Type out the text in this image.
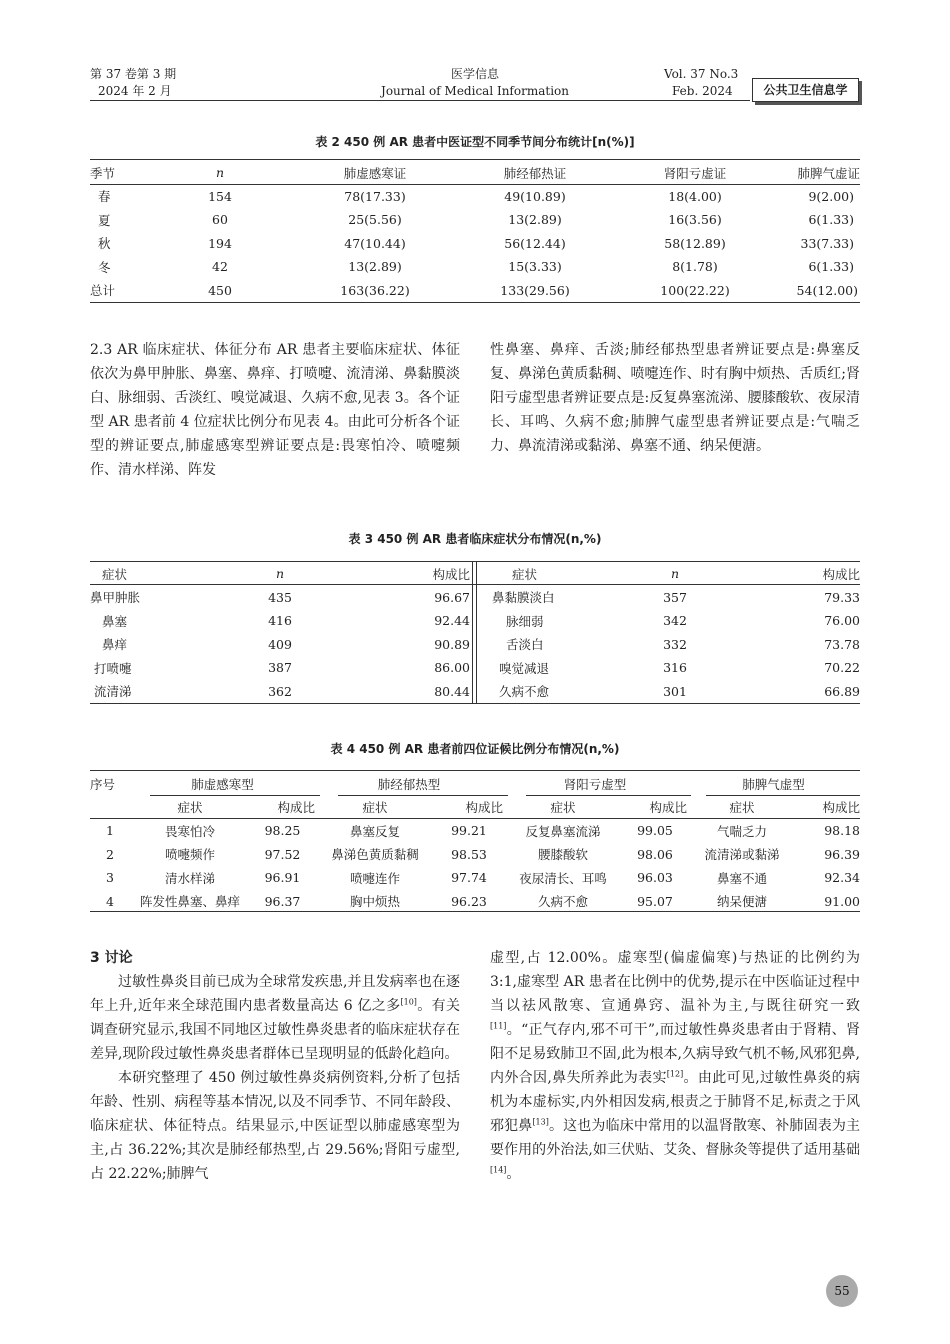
第 37 卷第 3 期
2024 年 2 月
医学信息
Journal of Medical Information
Vol. 37 No.3
Feb. 2024	公共卫生信息学
表 2 450 例 AR 患者中医证型不同季节间分布统计[n(%)]
季节	n	肺虚感寒证	肺经郁热证	肾阳亏虚证	肺脾气虚证
春	154	78(17.33)	49(10.89)	18(4.00)	9(2.00)
夏	60	25(5.56)	13(2.89)	16(3.56)	6(1.33)
秋	194	47(10.44)	56(12.44)	58(12.89)	33(7.33)
冬	42	13(2.89)	15(3.33)	8(1.78)	6(1.33)
总计	450	163(36.22)	133(29.56)	100(22.22)	54(12.00)

2.3 AR 临床症状、体征分布 AR 患者主要临床症状、体征依次为鼻甲肿胀、鼻塞、鼻痒、打喷嚏、流清涕、鼻黏膜淡白、脉细弱、舌淡红、嗅觉减退、久病不愈,见表 3。各个证型 AR 患者前 4 位症状比例分布见表 4。由此可分析各个证型的辨证要点,肺虚感寒型辨证要点是:畏寒怕冷、喷嚏频作、清水样涕、阵发

性鼻塞、鼻痒、舌淡;肺经郁热型患者辨证要点是:鼻塞反复、鼻涕色黄质黏稠、喷嚏连作、时有胸中烦热、舌质红;肾阳亏虚型患者辨证要点是:反复鼻塞流涕、腰膝酸软、夜尿清长、耳鸣、久病不愈;肺脾气虚型患者辨证要点是:气喘乏力、鼻流清涕或黏涕、鼻塞不通、纳呆便溏。

表 3 450 例 AR 患者临床症状分布情况(n,%)
症状	n	构成比
鼻甲肿胀	435	96.67
鼻塞	416	92.44
鼻痒	409	90.89
打喷嚏	387	86.00
流清涕	362	80.44
症状	n	构成比
鼻黏膜淡白	357	79.33
脉细弱	342	76.00
舌淡白	332	73.78
嗅觉减退	316	70.22
久病不愈	301	66.89
表 4 450 例 AR 患者前四位证候比例分布情况(n,%)
序号	肺虚感寒型		肺经郁热型		肾阳亏虚型		肺脾气虚型	
	症状	构成比	症状	构成比	症状	构成比	症状	构成比
1	畏寒怕冷	98.25	鼻塞反复	99.21	反复鼻塞流涕	99.05	气喘乏力	98.18
2	喷嚏频作	97.52	鼻涕色黄质黏稠	98.53	腰膝酸软	98.06	流清涕或黏涕	96.39
3	清水样涕	96.91	喷嚏连作	97.74	夜尿清长、耳鸣	96.03	鼻塞不通	92.34
4	阵发性鼻塞、鼻痒	96.37	胸中烦热	96.23	久病不愈	95.07	纳呆便溏	91.00

3 讨论

过敏性鼻炎目前已成为全球常发疾患,并且发病率也在逐年上升,近年来全球范围内患者数量高达 6 亿之多[10]。有关调查研究显示,我国不同地区过敏性鼻炎患者的临床症状存在差异,现阶段过敏性鼻炎患者群体已呈现明显的低龄化趋向。

本研究整理了 450 例过敏性鼻炎病例资料,分析了包括年龄、性别、病程等基本情况,以及不同季节、不同年龄段、临床症状、体征特点。结果显示,中医证型以肺虚感寒型为主,占 36.22%;其次是肺经郁热型,占 29.56%;肾阳亏虚型,占 22.22%;肺脾气

虚型,占 12.00%。虚寒型(偏虚偏寒)与热证的比例约为 3:1,虚寒型 AR 患者在比例中的优势,提示在中医临证过程中当以祛风散寒、宣通鼻窍、温补为主,与既往研究一致[11]。“正气存内,邪不可干”,而过敏性鼻炎患者由于肾精、肾阳不足易致肺卫不固,此为根本,久病导致气机不畅,风邪犯鼻,内外合因,鼻失所养此为表实[12]。由此可见,过敏性鼻炎的病机为本虚标实,内外相因发病,根责之于肺肾不足,标责之于风邪犯鼻[13]。这也为临床中常用的以温肾散寒、补肺固表为主要作用的外治法,如三伏贴、艾灸、督脉灸等提供了适用基础[14]。

55
